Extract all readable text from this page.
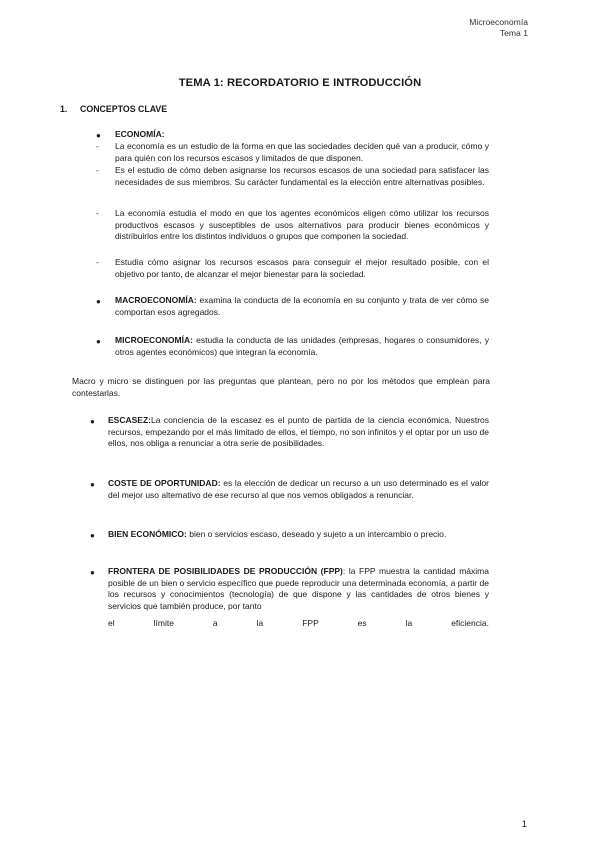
Microeconomía
Tema 1
TEMA 1: RECORDATORIO E INTRODUCCIÓN
1. CONCEPTOS CLAVE
● ECONOMÍA:
- La economía es un estudio de la forma en que las sociedades deciden qué van a producir, cómo y para quién con los recursos escasos y limitados de que disponen.
- Es el estudio de cómo deben asignarse los recursos escasos de una sociedad para satisfacer las necesidades de sus miembros. Su carácter fundamental es la elección entre alternativas posibles.
- La economía estudia el modo en que los agentes económicos eligen cómo utilizar los recursos productivos escasos y susceptibles de usos alternativos para producir bienes económicos y distribuirlos entre los distintos individuos o grupos que componen la sociedad.
- Estudia cómo asignar los recursos escasos para conseguir el mejor resultado posible, con el objetivo por tanto, de alcanzar el mejor bienestar para la sociedad.
● MACROECONOMÍA: examina la conducta de la economía en su conjunto y trata de ver cómo se comportan esos agregados.
● MICROECONOMÍA: estudia la conducta de las unidades (empresas, hogares o consumidores, y otros agentes económicos) que integran la economía.
Macro y micro se distinguen por las preguntas que plantean, pero no por los métodos que emplean para contestarlas.
● ESCASEZ:La conciencia de la escasez es el punto de partida de la ciencia económica. Nuestros recursos, empezando por el más limitado de ellos, el tiempo, no son infinitos y el optar por un uso de ellos, nos obliga a renunciar a otra serie de posibilidades.
● COSTE DE OPORTUNIDAD: es la elección de dedicar un recurso a un uso determinado es el valor del mejor uso alternativo de ese recurso al que nos vemos obligados a renunciar.
● BIEN ECONÓMICO: bien o servicios escaso, deseado y sujeto a un intercambio o precio.
● FRONTERA DE POSIBILIDADES DE PRODUCCIÓN (FPP): la FPP muestra la cantidad máxima posible de un bien o servicio específico que puede reproducir una determinada economía, a partir de los recursos y conocimientos (tecnología) de que dispone y las cantidades de otros bienes y servicios que también produce, por tanto
el límite a la FPP es la eficiencia.
1
